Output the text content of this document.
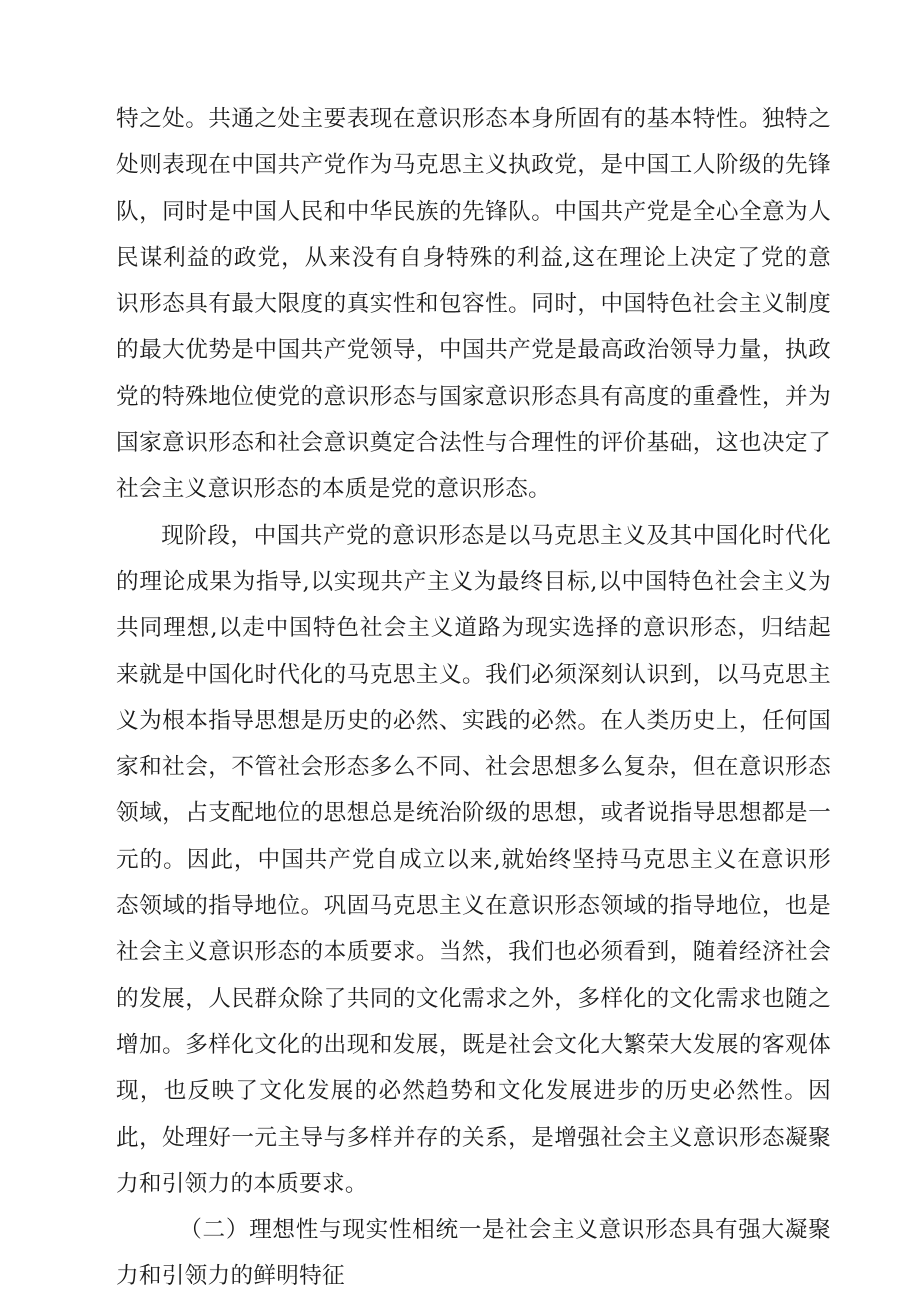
特之处。共通之处主要表现在意识形态本身所固有的基本特性。独特之处则表现在中国共产党作为马克思主义执政党，是中国工人阶级的先锋队，同时是中国人民和中华民族的先锋队。中国共产党是全心全意为人民谋利益的政党，从来没有自身特殊的利益,这在理论上决定了党的意识形态具有最大限度的真实性和包容性。同时，中国特色社会主义制度的最大优势是中国共产党领导，中国共产党是最高政治领导力量，执政党的特殊地位使党的意识形态与国家意识形态具有高度的重叠性，并为国家意识形态和社会意识奠定合法性与合理性的评价基础，这也决定了社会主义意识形态的本质是党的意识形态。

现阶段，中国共产党的意识形态是以马克思主义及其中国化时代化的理论成果为指导,以实现共产主义为最终目标,以中国特色社会主义为共同理想,以走中国特色社会主义道路为现实选择的意识形态，归结起来就是中国化时代化的马克思主义。我们必须深刻认识到，以马克思主义为根本指导思想是历史的必然、实践的必然。在人类历史上，任何国家和社会，不管社会形态多么不同、社会思想多么复杂，但在意识形态领域，占支配地位的思想总是统治阶级的思想，或者说指导思想都是一元的。因此，中国共产党自成立以来,就始终坚持马克思主义在意识形态领域的指导地位。巩固马克思主义在意识形态领域的指导地位，也是社会主义意识形态的本质要求。当然，我们也必须看到，随着经济社会的发展，人民群众除了共同的文化需求之外，多样化的文化需求也随之增加。多样化文化的出现和发展，既是社会文化大繁荣大发展的客观体现，也反映了文化发展的必然趋势和文化发展进步的历史必然性。因此，处理好一元主导与多样并存的关系，是增强社会主义意识形态凝聚力和引领力的本质要求。

（二）理想性与现实性相统一是社会主义意识形态具有强大凝聚力和引领力的鲜明特征
